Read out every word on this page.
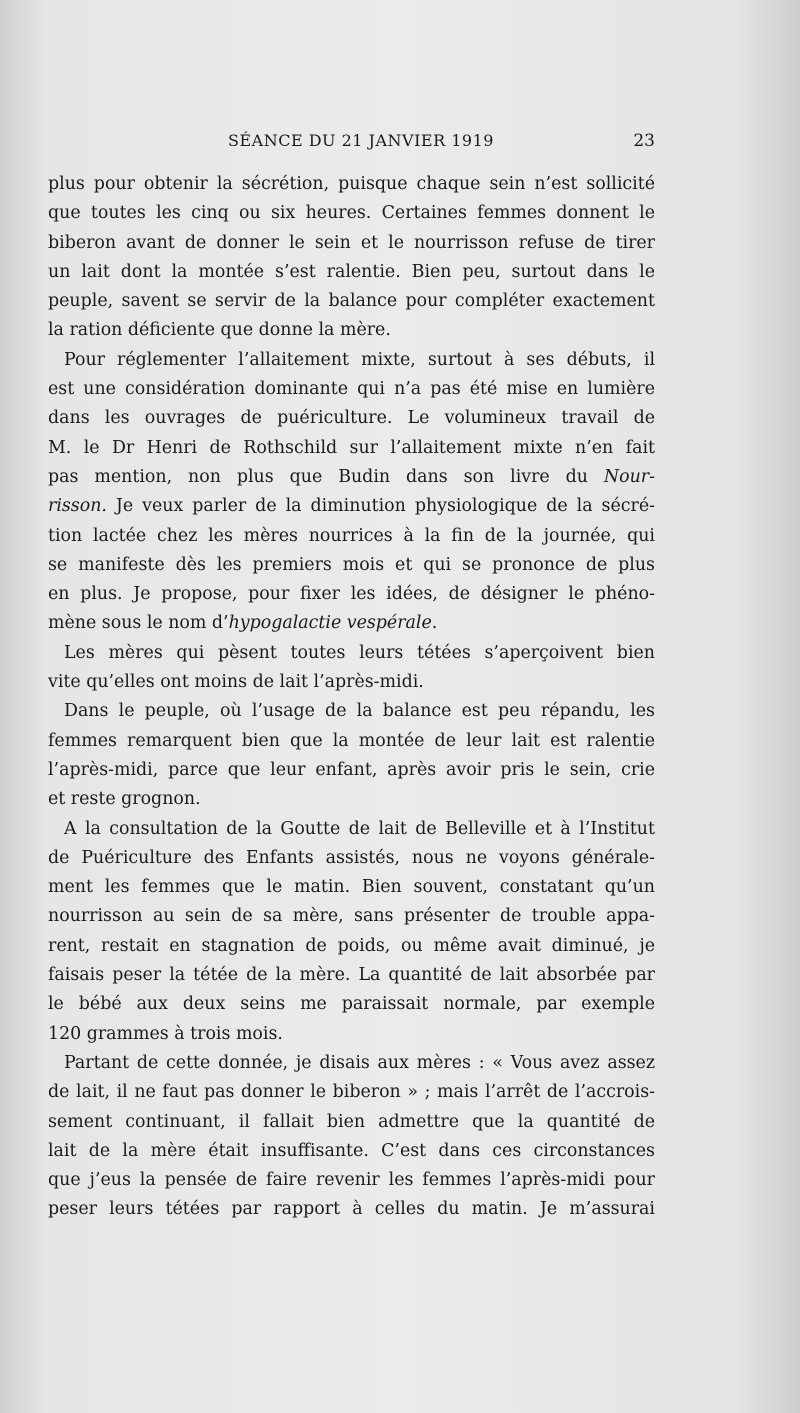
SÉANCE DU 21 JANVIER 1919	23
plus pour obtenir la sécrétion, puisque chaque sein n’est sollicité
que toutes les cinq ou six heures. Certaines femmes donnent le
biberon avant de donner le sein et le nourrisson refuse de tirer
un lait dont la montée s’est ralentie. Bien peu, surtout dans le
peuple, savent se servir de la balance pour compléter exactement
la ration déficiente que donne la mère.
Pour réglementer l’allaitement mixte, surtout à ses débuts, il
est une considération dominante qui n’a pas été mise en lumière
dans les ouvrages de puériculture. Le volumineux travail de
M. le Dr Henri de Rothschild sur l’allaitement mixte n’en fait
pas mention, non plus que Budin dans son livre du Nour-
risson. Je veux parler de la diminution physiologique de la sécré-
tion lactée chez les mères nourrices à la fin de la journée, qui
se manifeste dès les premiers mois et qui se prononce de plus
en plus. Je propose, pour fixer les idées, de désigner le phéno-
mène sous le nom d’hypogalactie vespérale.
Les mères qui pèsent toutes leurs tétées s’aperçoivent bien
vite qu’elles ont moins de lait l’après-midi.
Dans le peuple, où l’usage de la balance est peu répandu, les
femmes remarquent bien que la montée de leur lait est ralentie
l’après-midi, parce que leur enfant, après avoir pris le sein, crie
et reste grognon.
A la consultation de la Goutte de lait de Belleville et à l’Institut
de Puériculture des Enfants assistés, nous ne voyons générale-
ment les femmes que le matin. Bien souvent, constatant qu’un
nourrisson au sein de sa mère, sans présenter de trouble appa-
rent, restait en stagnation de poids, ou même avait diminué, je
faisais peser la tétée de la mère. La quantité de lait absorbée par
le bébé aux deux seins me paraissait normale, par exemple
120 grammes à trois mois.
Partant de cette donnée, je disais aux mères : « Vous avez assez
de lait, il ne faut pas donner le biberon » ; mais l’arrêt de l’accrois-
sement continuant, il fallait bien admettre que la quantité de
lait de la mère était insuffisante. C’est dans ces circonstances
que j’eus la pensée de faire revenir les femmes l’après-midi pour
peser leurs tétées par rapport à celles du matin. Je m’assurai
